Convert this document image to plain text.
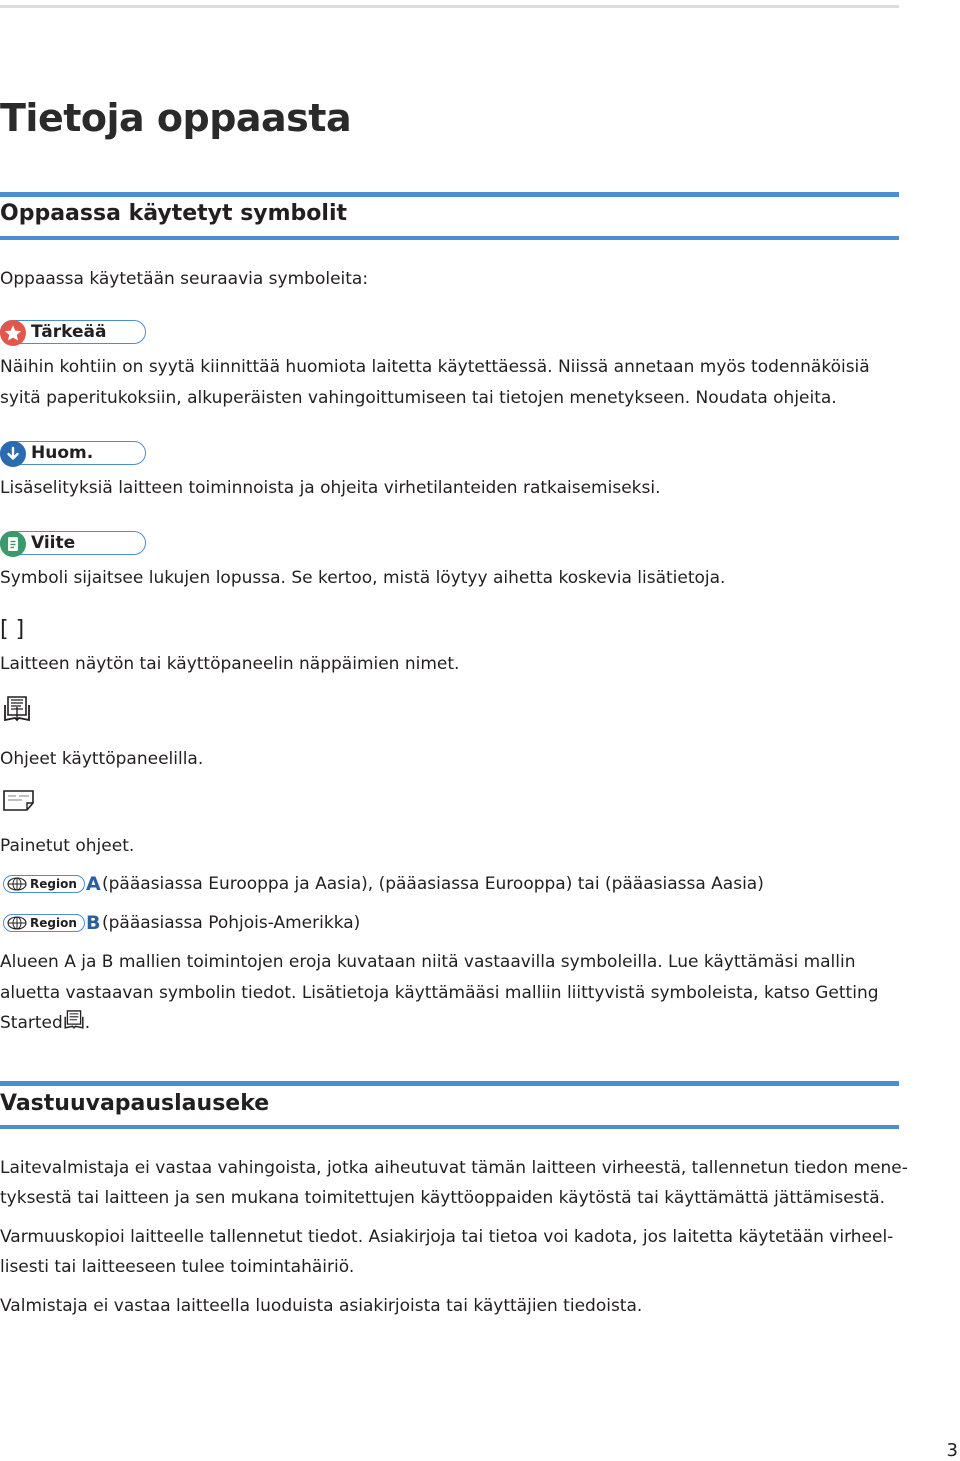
Tietoja oppaasta
Oppaassa käytetyt symbolit
Oppaassa käytetään seuraavia symboleita:
Tärkeää
Näihin kohtiin on syytä kiinnittää huomiota laitetta käytettäessä. Niissä annetaan myös todennäköisiä
syitä paperitukoksiin, alkuperäisten vahingoittumiseen tai tietojen menetykseen. Noudata ohjeita.
Huom.
Lisäselityksiä laitteen toiminnoista ja ohjeita virhetilanteiden ratkaisemiseksi.
Viite
Symboli sijaitsee lukujen lopussa. Se kertoo, mistä löytyy aihetta koskevia lisätietoja.
[ ]
Laitteen näytön tai käyttöpaneelin näppäimien nimet.
Ohjeet käyttöpaneelilla.
Painetut ohjeet.
Region A (pääasiassa Eurooppa ja Aasia), (pääasiassa Eurooppa) tai (pääasiassa Aasia)
Region B (pääasiassa Pohjois-Amerikka)
Alueen A ja B mallien toimintojen eroja kuvataan niitä vastaavilla symboleilla. Lue käyttämäsi mallin
aluetta vastaavan symbolin tiedot. Lisätietoja käyttämääsi malliin liittyvistä symboleista, katso Getting
Started .
Vastuuvapauslauseke
Laitevalmistaja ei vastaa vahingoista, jotka aiheutuvat tämän laitteen virheestä, tallennetun tiedon mene-
tyksestä tai laitteen ja sen mukana toimitettujen käyttöoppaiden käytöstä tai käyttämättä jättämisestä.
Varmuuskopioi laitteelle tallennetut tiedot. Asiakirjoja tai tietoa voi kadota, jos laitetta käytetään virheel-
lisesti tai laitteeseen tulee toimintahäiriö.
Valmistaja ei vastaa laitteella luoduista asiakirjoista tai käyttäjien tiedoista.
3
